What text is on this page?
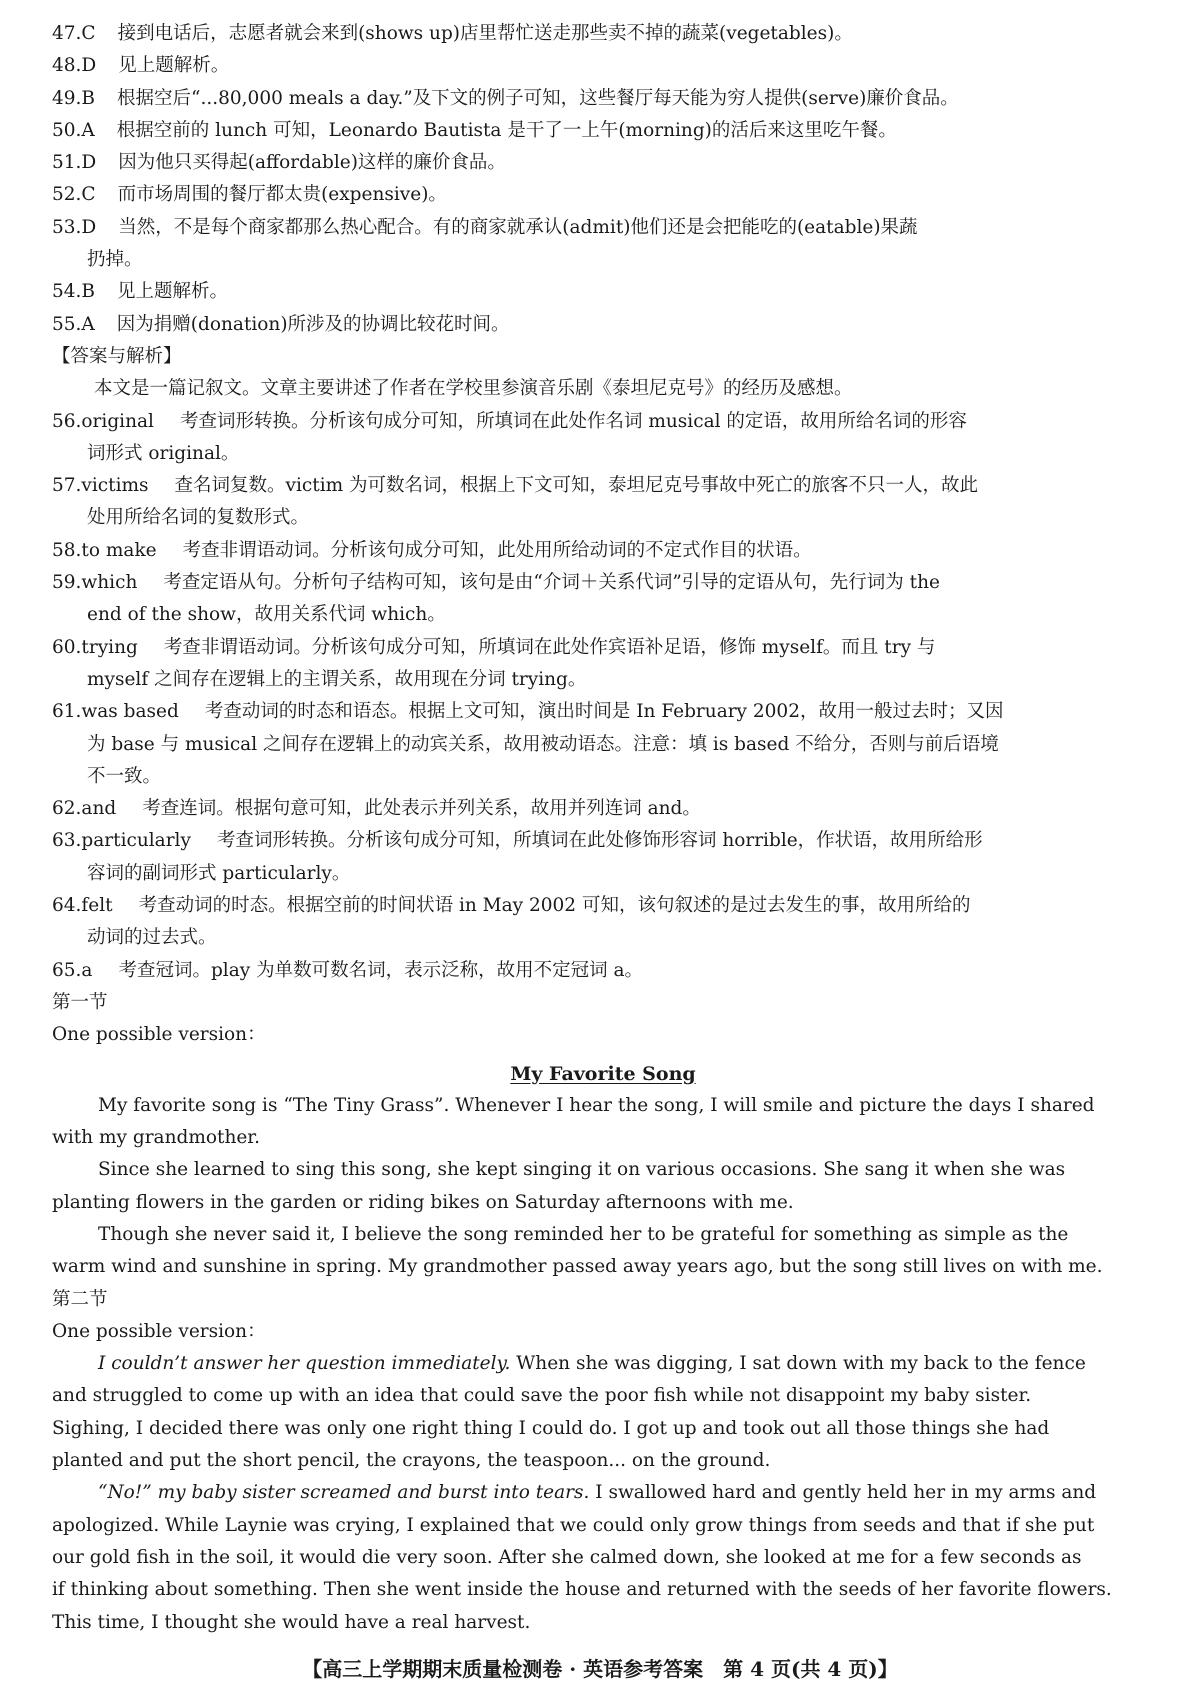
47. C 接到电话后，志愿者就会来到(shows up)店里帮忙送走那些卖不掉的蔬菜(vegetables)。
48. D 见上题解析。
49. B 根据空后“...80,000 meals a day.”及下文的例子可知，这些餐厅每天能为穷人提供(serve)廉价食品。
50. A 根据空前的 lunch 可知，Leonardo Bautista 是干了一上午(morning)的活后来这里吃午餐。
51. D 因为他只买得起(affordable)这样的廉价食品。
52. C 而市场周围的餐厅都太贵(expensive)。
53. D 当然，不是每个商家都那么热心配合。有的商家就承认(admit)他们还是会把能吃的(eatable)果蔬
扔掉。
54. B 见上题解析。
55. A 因为捐赠(donation)所涉及的协调比较花时间。
【答案与解析】
本文是一篇记叙文。文章主要讲述了作者在学校里参演音乐剧《泰坦尼克号》的经历及感想。
56. original 考查词形转换。分析该句成分可知，所填词在此处作名词 musical 的定语，故用所给名词的形容
词形式 original。
57. victims 查名词复数。victim 为可数名词，根据上下文可知，泰坦尼克号事故中死亡的旅客不只一人，故此
处用所给名词的复数形式。
58. to make 考查非谓语动词。分析该句成分可知，此处用所给动词的不定式作目的状语。
59. which 考查定语从句。分析句子结构可知，该句是由“介词＋关系代词”引导的定语从句，先行词为 the
end of the show，故用关系代词 which。
60. trying 考查非谓语动词。分析该句成分可知，所填词在此处作宾语补足语，修饰 myself。而且 try 与
myself 之间存在逻辑上的主谓关系，故用现在分词 trying。
61. was based 考查动词的时态和语态。根据上文可知，演出时间是 In February 2002，故用一般过去时；又因
为 base 与 musical 之间存在逻辑上的动宾关系，故用被动语态。注意：填 is based 不给分，否则与前后语境
不一致。
62. and 考查连词。根据句意可知，此处表示并列关系，故用并列连词 and。
63. particularly 考查词形转换。分析该句成分可知，所填词在此处修饰形容词 horrible，作状语，故用所给形
容词的副词形式 particularly。
64. felt 考查动词的时态。根据空前的时间状语 in May 2002 可知，该句叙述的是过去发生的事，故用所给的
动词的过去式。
65. a 考查冠词。play 为单数可数名词，表示泛称，故用不定冠词 a。
第一节
One possible version：
My Favorite Song
My favorite song is “The Tiny Grass”. Whenever I hear the song, I will smile and picture the days I shared
with my grandmother.
Since she learned to sing this song, she kept singing it on various occasions. She sang it when she was
planting flowers in the garden or riding bikes on Saturday afternoons with me.
Though she never said it, I believe the song reminded her to be grateful for something as simple as the
warm wind and sunshine in spring. My grandmother passed away years ago, but the song still lives on with me.
第二节
One possible version：
I couldn’t answer her question immediately. When she was digging, I sat down with my back to the fence
and struggled to come up with an idea that could save the poor fish while not disappoint my baby sister.
Sighing, I decided there was only one right thing I could do. I got up and took out all those things she had
planted and put the short pencil, the crayons, the teaspoon... on the ground.
“No!” my baby sister screamed and burst into tears. I swallowed hard and gently held her in my arms and
apologized. While Laynie was crying, I explained that we could only grow things from seeds and that if she put
our gold fish in the soil, it would die very soon. After she calmed down, she looked at me for a few seconds as
if thinking about something. Then she went inside the house and returned with the seeds of her favorite flowers.
This time, I thought she would have a real harvest.
【高三上学期期末质量检测卷 · 英语参考答案　第 4 页(共 4 页)】
